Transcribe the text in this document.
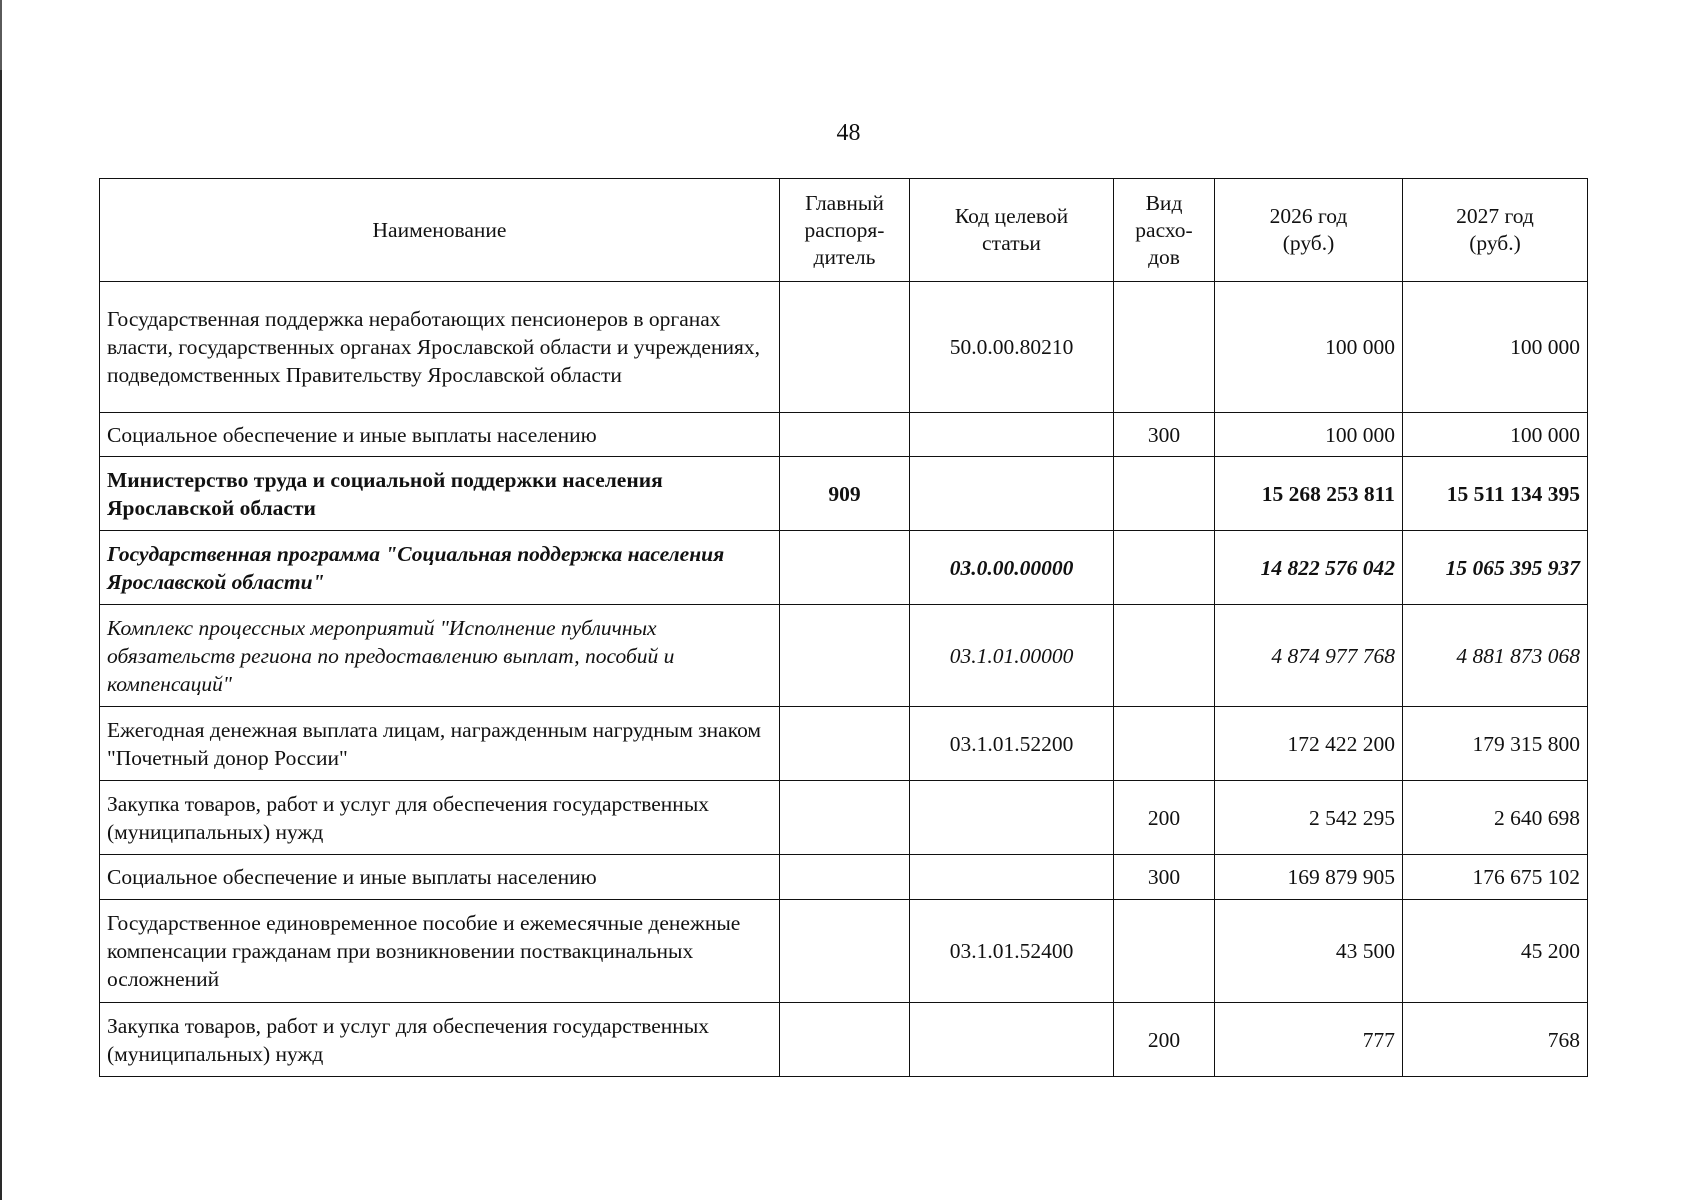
48
Наименование	Главный распоря-дитель	Код целевой статьи	Вид расхо-дов	2026 год (руб.)	2027 год (руб.)
Государственная поддержка неработающих пенсионеров в органах власти, государственных органах Ярославской области и учреждениях, подведомственных Правительству Ярославской области		50.0.00.80210		100 000	100 000
Социальное обеспечение и иные выплаты населению			300	100 000	100 000
Министерство труда и социальной поддержки населения Ярославской области	909			15 268 253 811	15 511 134 395
Государственная программа "Социальная поддержка населения Ярославской области"		03.0.00.00000		14 822 576 042	15 065 395 937
Комплекс процессных мероприятий "Исполнение публичных обязательств региона по предоставлению выплат, пособий и компенсаций"		03.1.01.00000		4 874 977 768	4 881 873 068
Ежегодная денежная выплата лицам, награжденным нагрудным знаком "Почетный донор России"		03.1.01.52200		172 422 200	179 315 800
Закупка товаров, работ и услуг для обеспечения государственных (муниципальных) нужд			200	2 542 295	2 640 698
Социальное обеспечение и иные выплаты населению			300	169 879 905	176 675 102
Государственное единовременное пособие и ежемесячные денежные компенсации гражданам при возникновении поствакцинальных осложнений		03.1.01.52400		43 500	45 200
Закупка товаров, работ и услуг для обеспечения государственных (муниципальных) нужд			200	777	768
